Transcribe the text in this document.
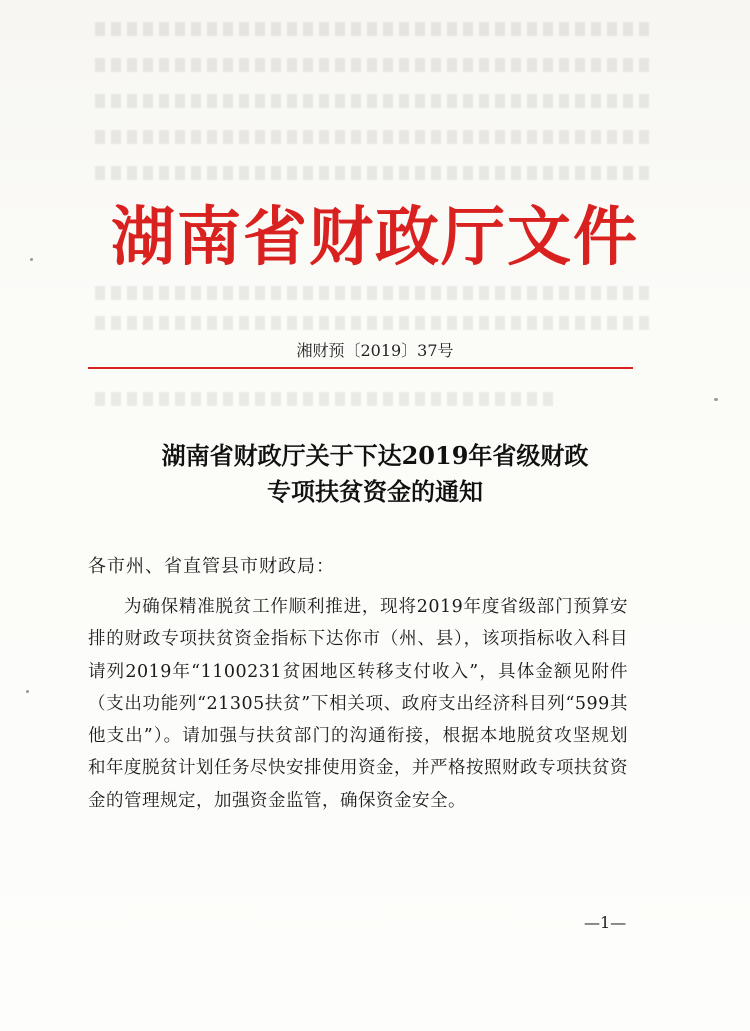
湖南省财政厅文件
湘财预〔2019〕37号
湖南省财政厅关于下达2019年省级财政
专项扶贫资金的通知
各市州、省直管县市财政局：
为确保精准脱贫工作顺利推进，现将2019年度省级部门预算安排的财政专项扶贫资金指标下达你市（州、县），该项指标收入科目请列2019年“1100231贫困地区转移支付收入”，具体金额见附件（支出功能列“21305扶贫”下相关项、政府支出经济科目列“599其他支出”）。请加强与扶贫部门的沟通衔接，根据本地脱贫攻坚规划和年度脱贫计划任务尽快安排使用资金，并严格按照财政专项扶贫资金的管理规定，加强资金监管，确保资金安全。
—1—
